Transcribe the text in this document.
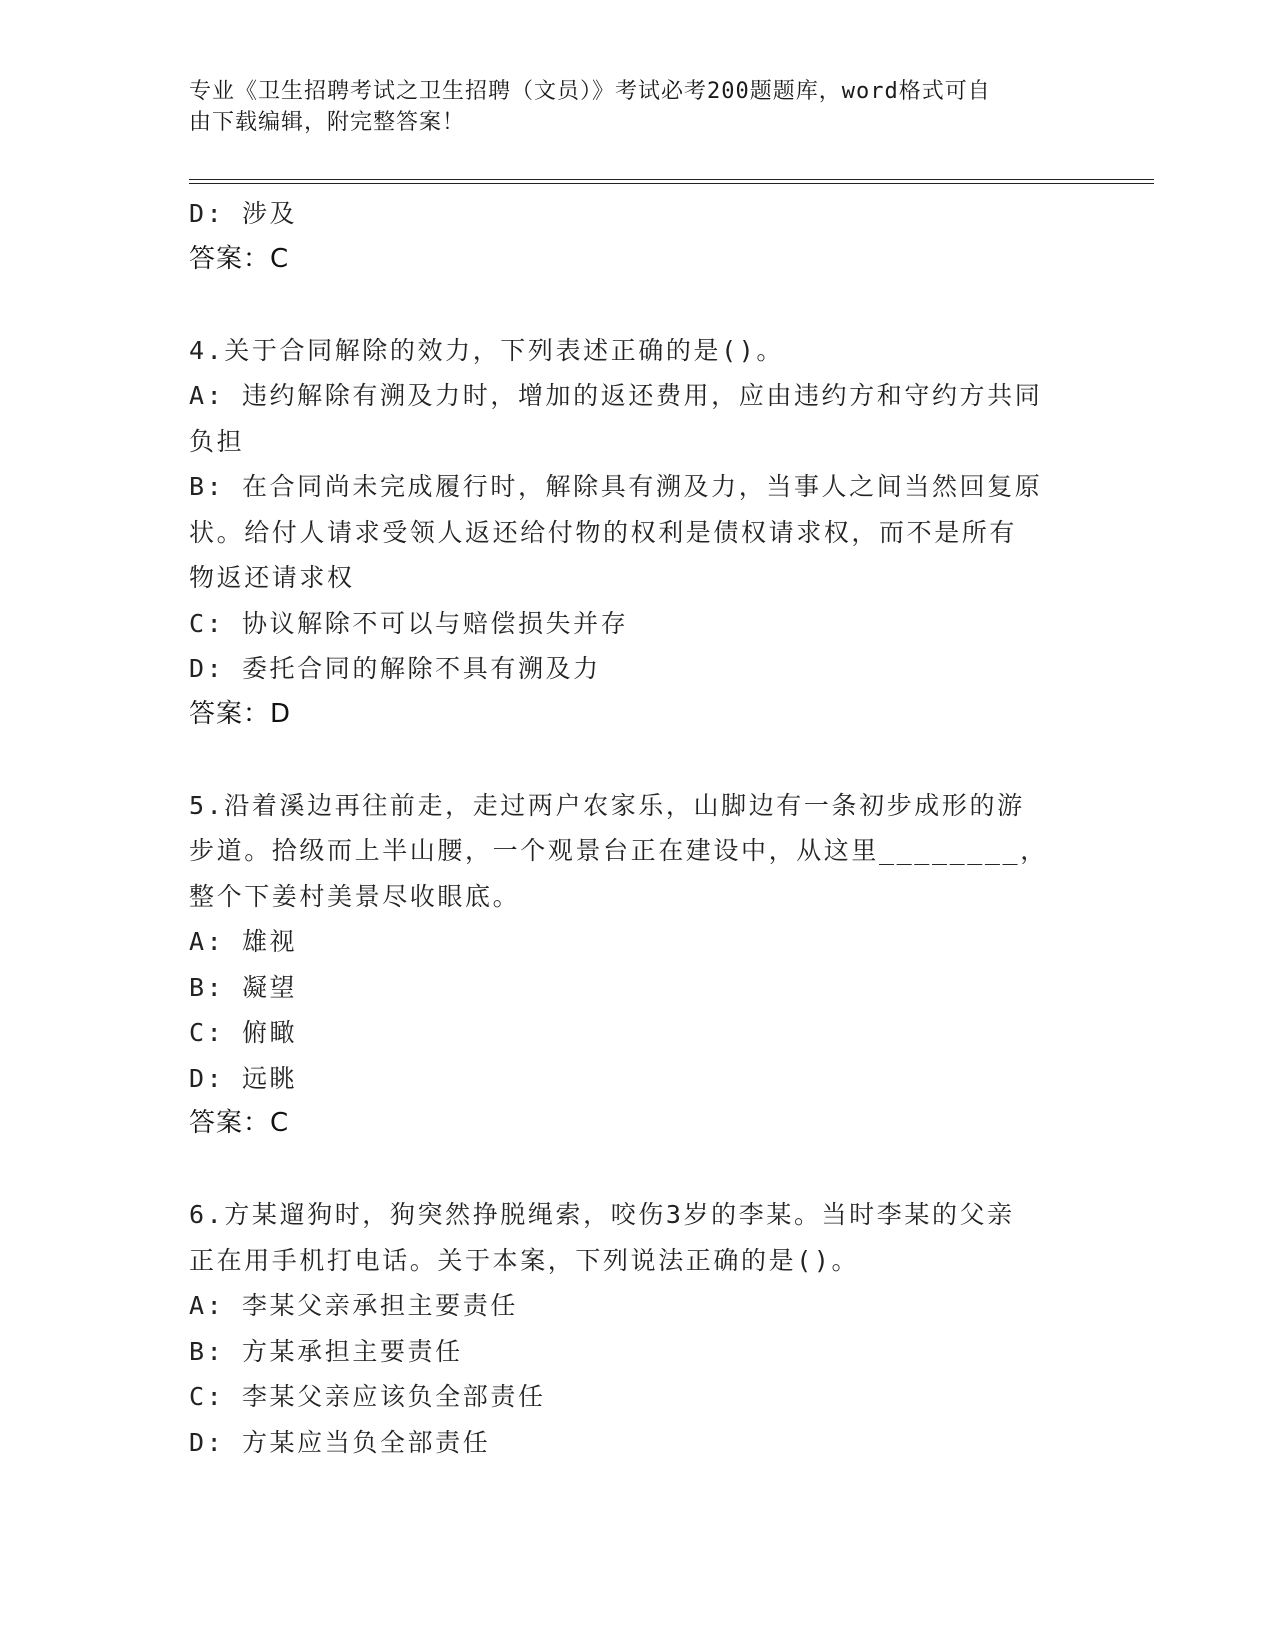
专业《卫生招聘考试之卫生招聘（文员）》考试必考200题题库，word格式可自
由下载编辑，附完整答案！
D: 涉及
答案：C
4.关于合同解除的效力，下列表述正确的是()。
A: 违约解除有溯及力时，增加的返还费用，应由违约方和守约方共同
负担
B: 在合同尚未完成履行时，解除具有溯及力，当事人之间当然回复原
状。给付人请求受领人返还给付物的权利是债权请求权，而不是所有
物返还请求权
C: 协议解除不可以与赔偿损失并存
D: 委托合同的解除不具有溯及力
答案：D
5.沿着溪边再往前走，走过两户农家乐，山脚边有一条初步成形的游
步道。拾级而上半山腰，一个观景台正在建设中，从这里________，
整个下姜村美景尽收眼底。
A: 雄视
B: 凝望
C: 俯瞰
D: 远眺
答案：C
6.方某遛狗时，狗突然挣脱绳索，咬伤3岁的李某。当时李某的父亲
正在用手机打电话。关于本案，下列说法正确的是()。
A: 李某父亲承担主要责任
B: 方某承担主要责任
C: 李某父亲应该负全部责任
D: 方某应当负全部责任
